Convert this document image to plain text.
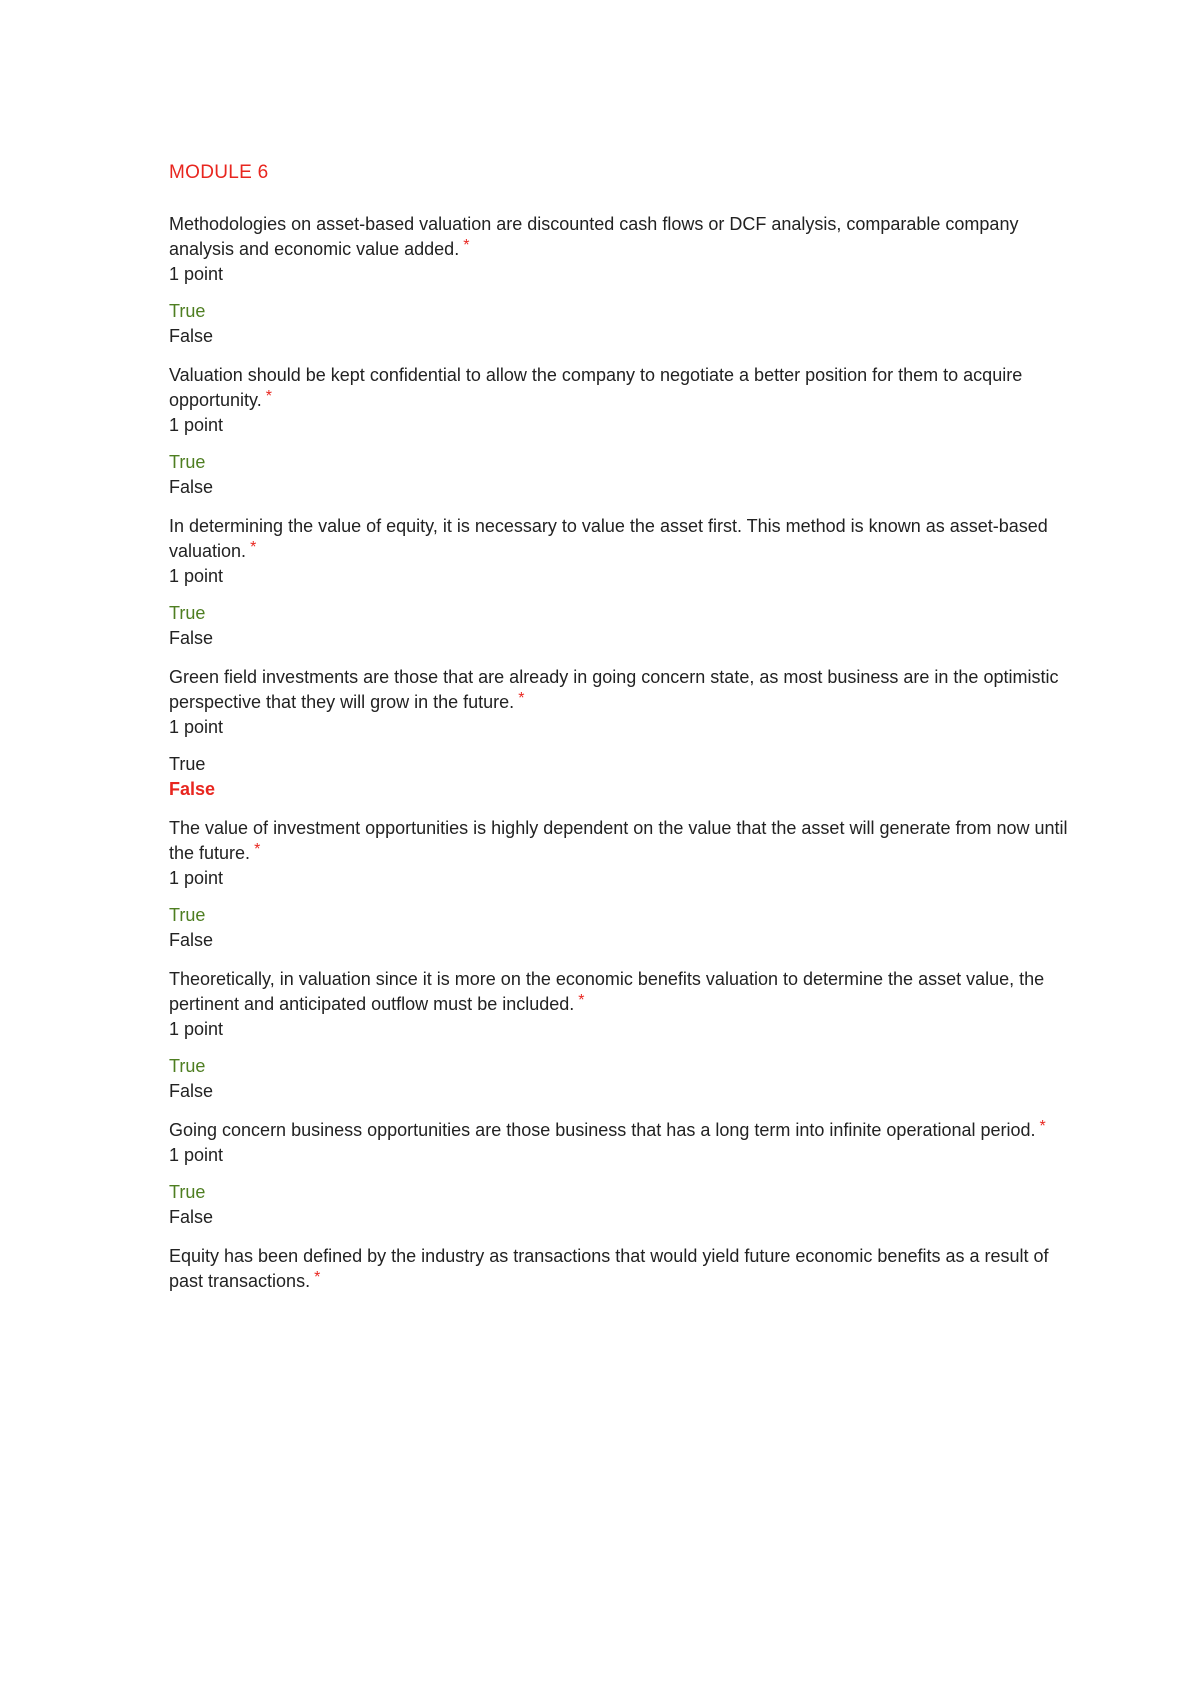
MODULE 6

Methodologies on asset-based valuation are discounted cash flows or DCF analysis, comparable company analysis and economic value added. *

1 point
True
False

Valuation should be kept confidential to allow the company to negotiate a better position for them to acquire opportunity. *

1 point
True
False

In determining the value of equity, it is necessary to value the asset first. This method is known as asset-based valuation. *

1 point
True
False

Green field investments are those that are already in going concern state, as most business are in the optimistic perspective that they will grow in the future. *

1 point
True
False

The value of investment opportunities is highly dependent on the value that the asset will generate from now until the future. *

1 point
True
False

Theoretically, in valuation since it is more on the economic benefits valuation to determine the asset value, the pertinent and anticipated outflow must be included. *

1 point
True
False

Going concern business opportunities are those business that has a long term into infinite operational period. *

1 point
True
False

Equity has been defined by the industry as transactions that would yield future economic benefits as a result of past transactions. *
